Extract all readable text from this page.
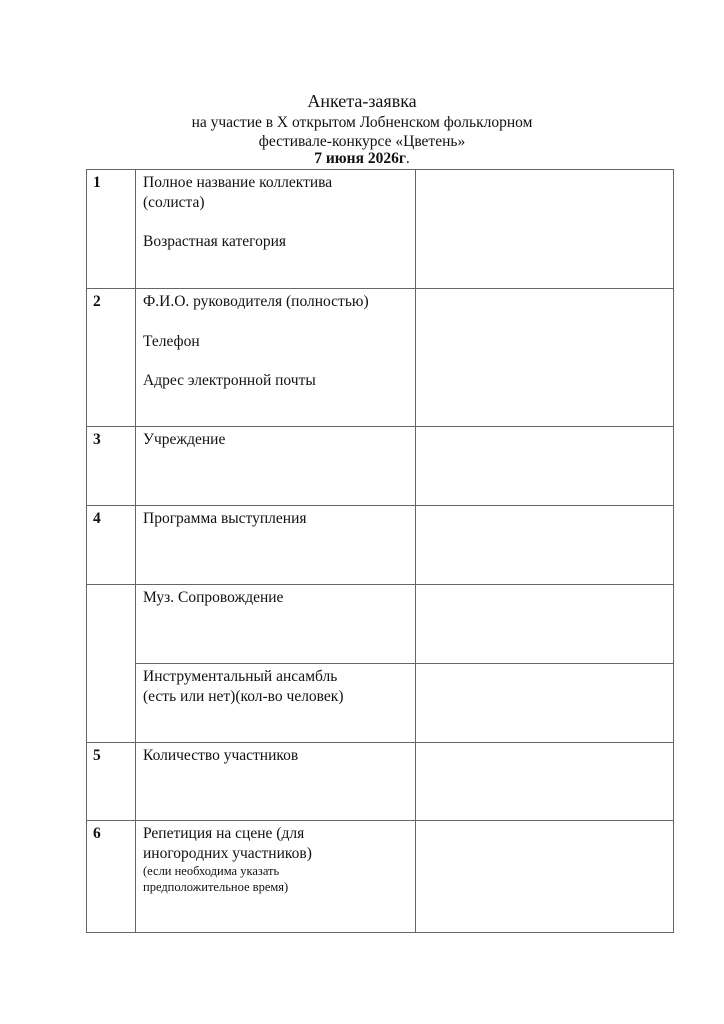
Анкета-заявка
на участие в Х открытом Лобненском фольклорном
фестивале-конкурсе «Цветень»
7 июня 2026г.
1	Полное название коллектива
(солиста)
Возрастная категория	

2	Ф.И.О. руководителя (полностью)
Телефон
Адрес электронной почты	

3	Учреждение	

4	Программа выступления	

	Муз. Сопровождение	

	Инструментальный ансамбль
(есть или нет)(кол-во человек)	

5	Количество участников	

6	Репетиция на сцене (для
иногородних участников)
(если необходима указать
предположительное время)	
